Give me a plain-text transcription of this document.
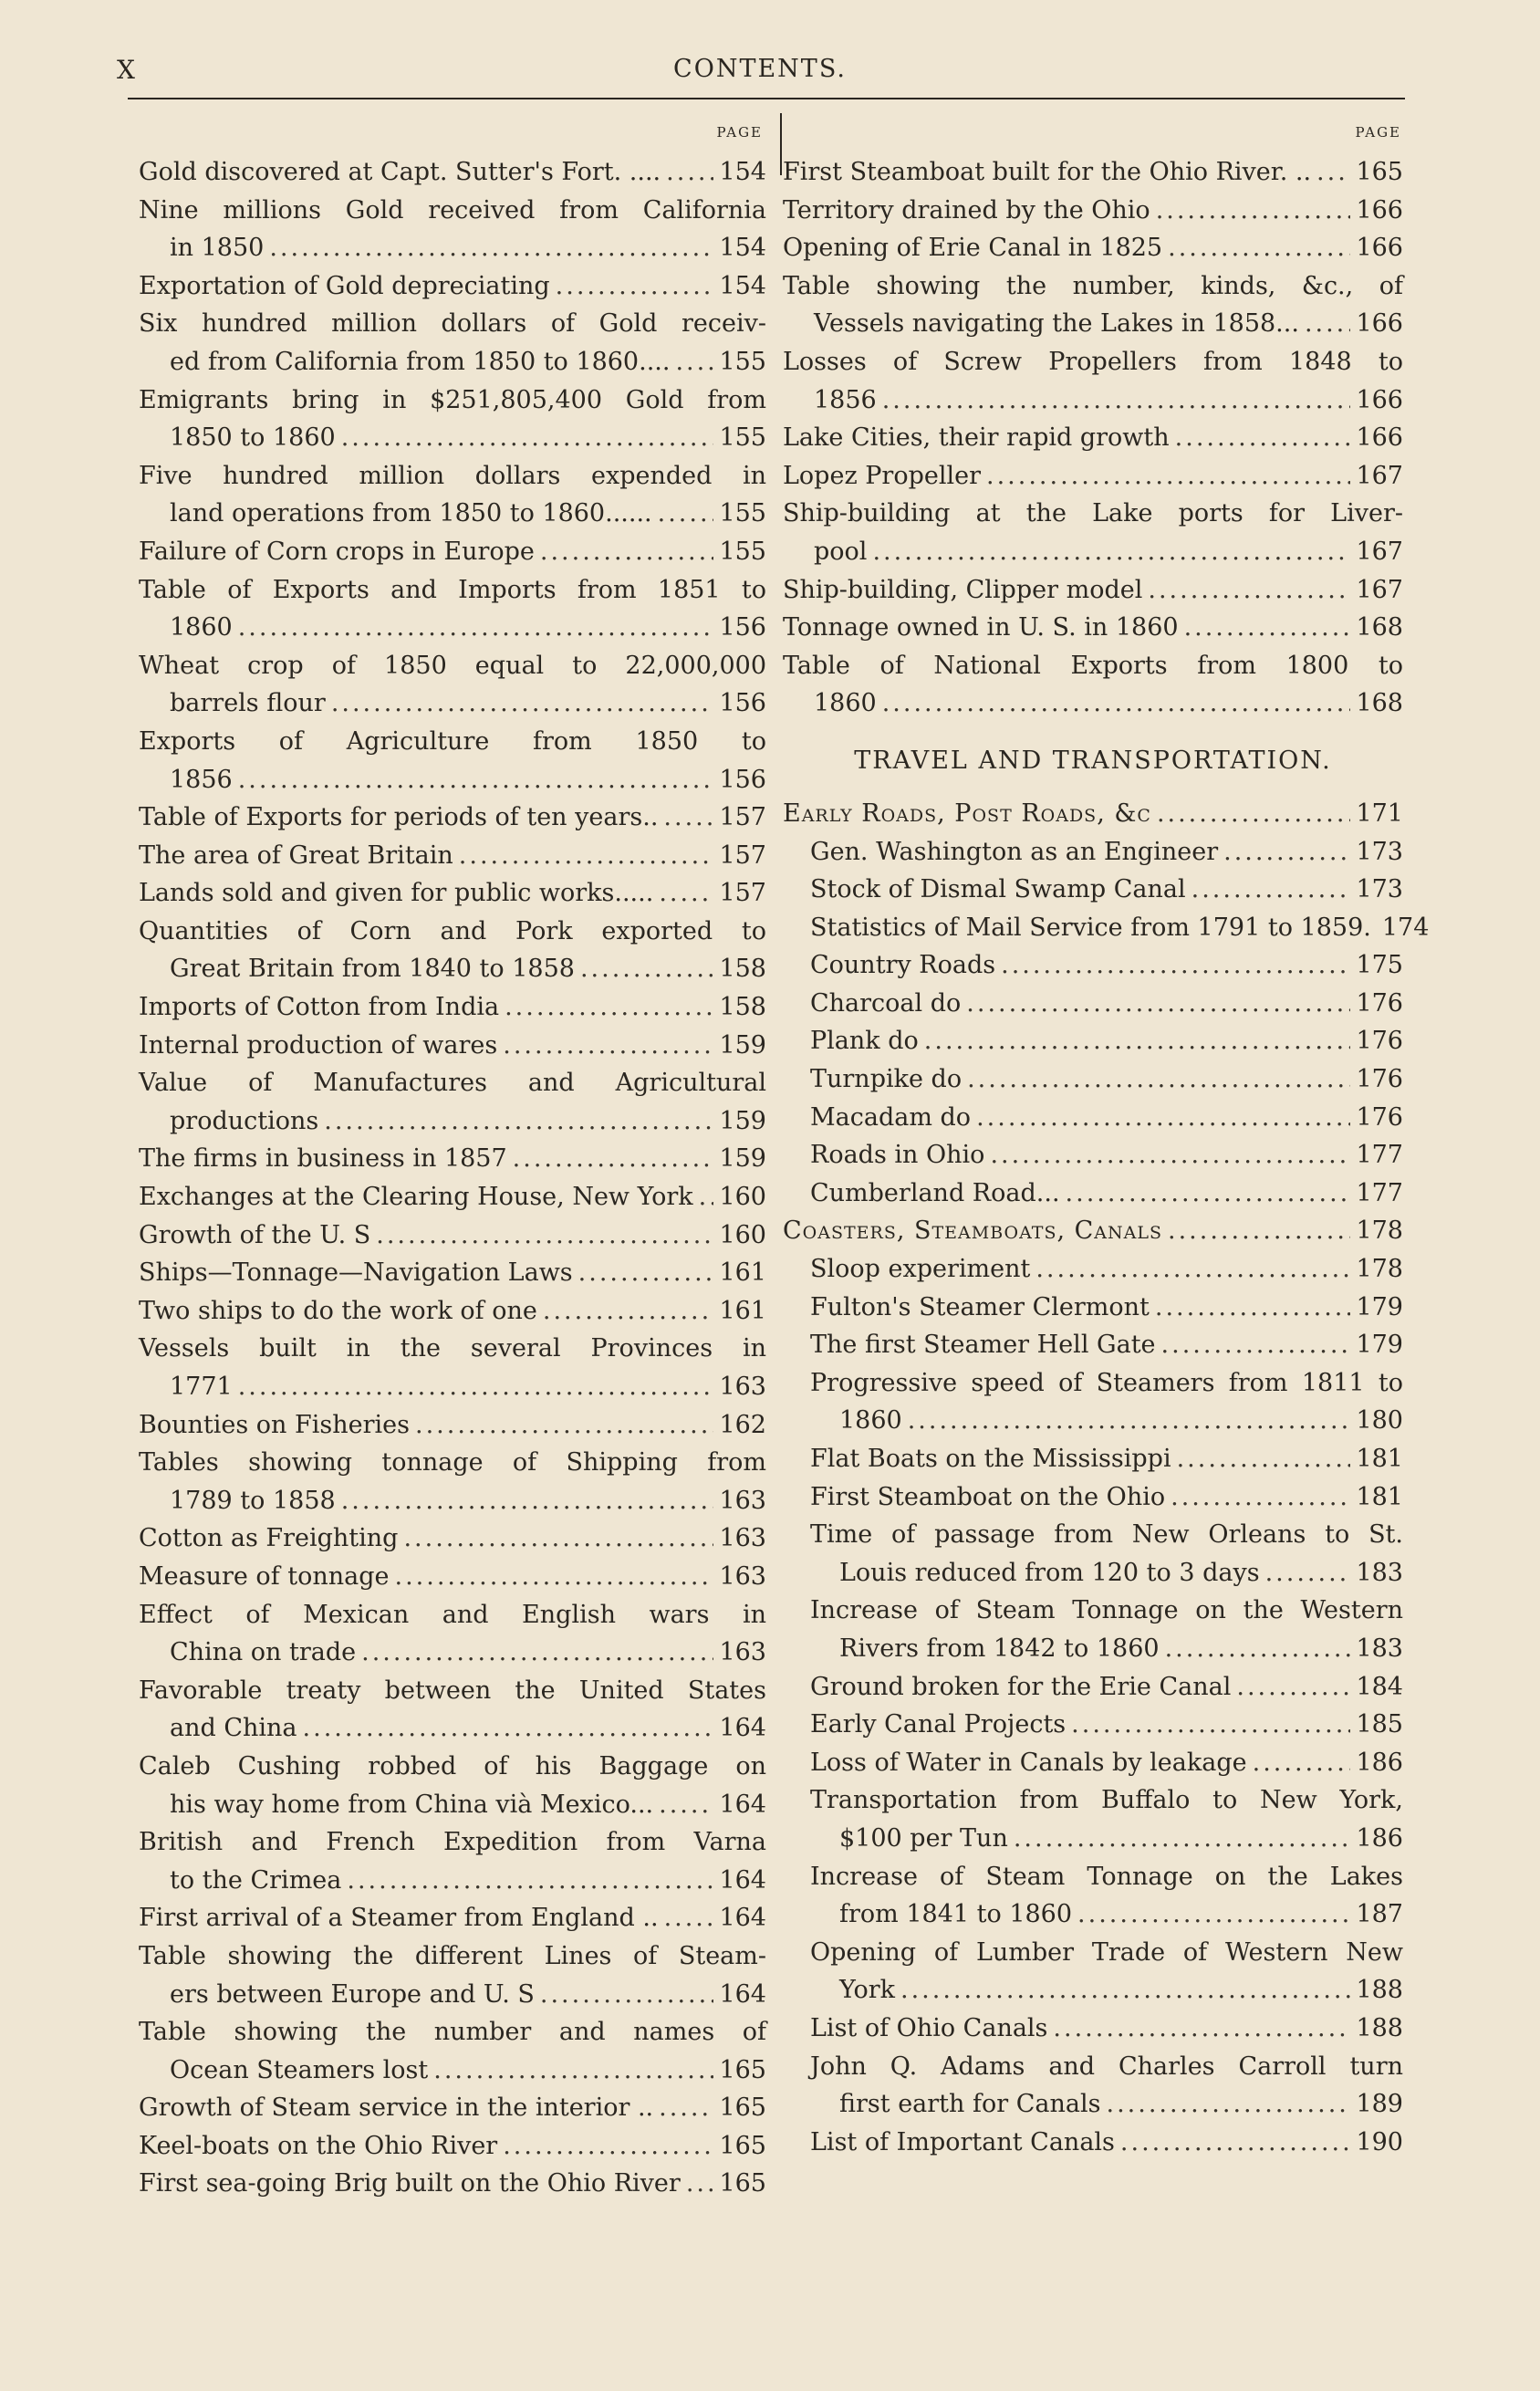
X	CONTENTS.
PAGE
Gold discovered at Capt. Sutter's Fort. .... ..... 154
Nine millions Gold received from California
in 1850 .....	154
Exportation of Gold depreciating .....	154
Six hundred million dollars of Gold receiv-
ed from California from 1850 to 1860.... ..... 155
Emigrants bring in $251,805,400 Gold from
1850 to 1860 .....	155
Five hundred million dollars expended in
land operations from 1850 to 1860...... .....	155
Failure of Corn crops in Europe .....	155
Table of Exports and Imports from 1851 to
1860 .....	156
Wheat crop of 1850 equal to 22,000,000
barrels flour .....	156
Exports of Agriculture from 1850 to
1856 .....	156
Table of Exports for periods of ten years.. ..... 157
The area of Great Britain .....	157
Lands sold and given for public works..... .....	157
Quantities of Corn and Pork exported to
Great Britain from 1840 to 1858 .....	158
Imports of Cotton from India .....	158
Internal production of wares .....	159
Value of Manufactures and Agricultural
productions .....	159
The firms in business in 1857 .....	159
Exchanges at the Clearing House, New York ..... 160
Growth of the U. S .....	160
Ships—Tonnage—Navigation Laws .....	161
Two ships to do the work of one .....	161
Vessels built in the several Provinces in
1771 .....	163
Bounties on Fisheries .....	162
Tables showing tonnage of Shipping from
1789 to 1858 .....	163
Cotton as Freighting .....	163
Measure of tonnage .....	163
Effect of Mexican and English wars in
China on trade .....	163
Favorable treaty between the United States
and China .....	164
Caleb Cushing robbed of his Baggage on
his way home from China vià Mexico... .....	164
British and French Expedition from Varna
to the Crimea .....	164
First arrival of a Steamer from England .. ..... 164
Table showing the different Lines of Steam-
ers between Europe and U. S .....	164
Table showing the number and names of
Ocean Steamers lost .....	165
Growth of Steam service in the interior .. .....	165
Keel-boats on the Ohio River .....	165
First sea-going Brig built on the Ohio River ..... 165
PAGE
First Steamboat built for the Ohio River. .. ..... 165
Territory drained by the Ohio .....	166
Opening of Erie Canal in 1825 .....	166
Table showing the number, kinds, &c., of
Vessels navigating the Lakes in 1858... ..... 166
Losses of Screw Propellers from 1848 to
1856 .....	166
Lake Cities, their rapid growth .....	166
Lopez Propeller .....	167
Ship-building at the Lake ports for Liver-
pool .....	167
Ship-building, Clipper model .....	167
Tonnage owned in U. S. in 1860 .....	168
Table of National Exports from 1800 to
1860 .....	168
TRAVEL AND TRANSPORTATION.
Early Roads, Post Roads, &c .....	171
Gen. Washington as an Engineer .....	173
Stock of Dismal Swamp Canal .....	173
Statistics of Mail Service from 1791 to 1859. 174
Country Roads .....	175
Charcoal do .....	176
Plank do .....	176
Turnpike do .....	176
Macadam do .....	176
Roads in Ohio .....	177
Cumberland Road... .....	177
Coasters, Steamboats, Canals .....	178
Sloop experiment .....	178
Fulton's Steamer Clermont .....	179
The first Steamer Hell Gate .....	179
Progressive speed of Steamers from 1811 to
1860 .....	180
Flat Boats on the Mississippi .....	181
First Steamboat on the Ohio .....	181
Time of passage from New Orleans to St.
Louis reduced from 120 to 3 days .....	183
Increase of Steam Tonnage on the Western
Rivers from 1842 to 1860 .....	183
Ground broken for the Erie Canal .....	184
Early Canal Projects .....	185
Loss of Water in Canals by leakage .....	186
Transportation from Buffalo to New York,
$100 per Tun .....	186
Increase of Steam Tonnage on the Lakes
from 1841 to 1860 .....	187
Opening of Lumber Trade of Western New
York .....	188
List of Ohio Canals .....	188
John Q. Adams and Charles Carroll turn
first earth for Canals .....	189
List of Important Canals .....	190
